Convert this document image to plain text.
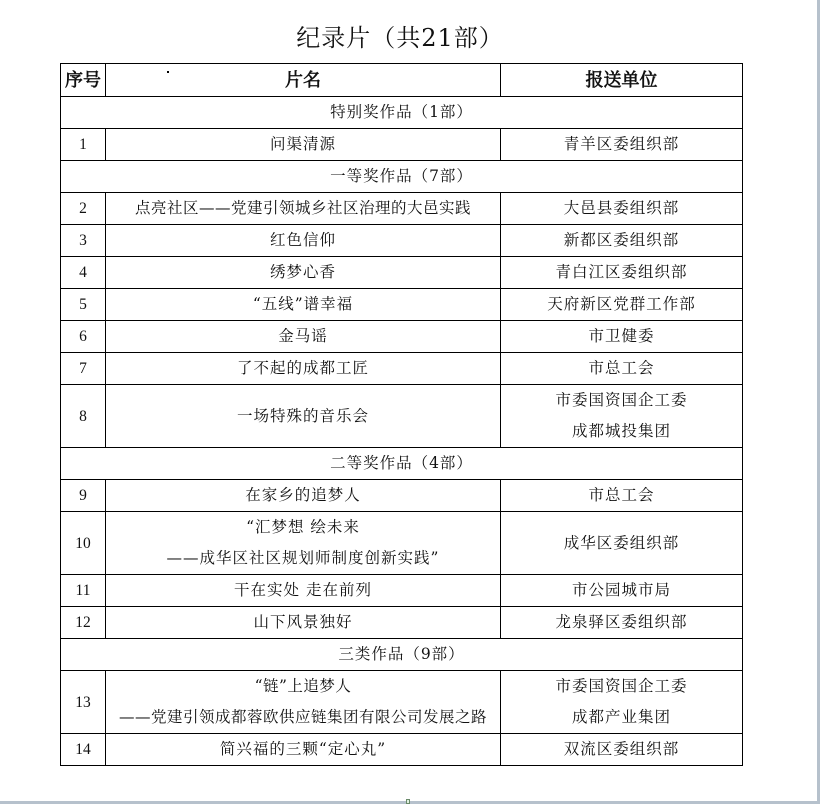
纪录片（共21部）
序号	片名	报送单位
特别奖作品（1部）		
1	问渠清源	青羊区委组织部

一等奖作品（7部）		
2	点亮社区——党建引领城乡社区治理的大邑实践	大邑县委组织部

3	红色信仰	新都区委组织部

4	绣梦心香	青白江区委组织部

5	“五线”谱幸福	天府新区党群工作部

6	金马谣	市卫健委

7	了不起的成都工匠	市总工会

8	一场特殊的音乐会	市委国资国企工委
成都城投集团

二等奖作品（4部）		
9	在家乡的追梦人	市总工会

10	“汇梦想 绘未来
——成华区社区规划师制度创新实践”	成华区委组织部

11	干在实处 走在前列	市公园城市局

12	山下风景独好	龙泉驿区委组织部

三类作品（9部）		
13	“链”上追梦人
——党建引领成都蓉欧供应链集团有限公司发展之路	市委国资国企工委
成都产业集团

14	简兴福的三颗“定心丸”	双流区委组织部
